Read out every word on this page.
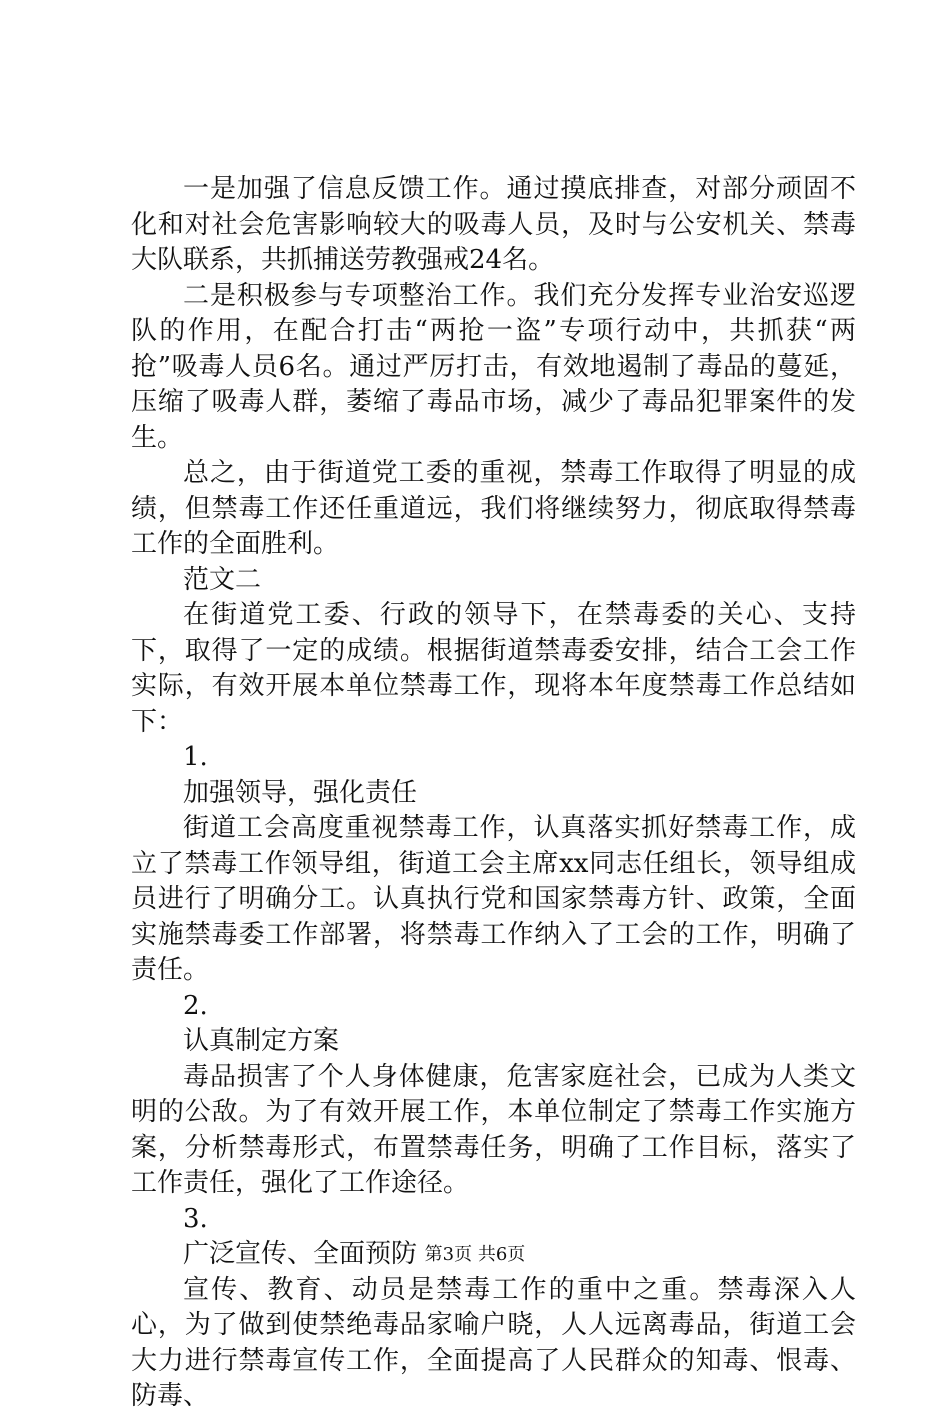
一是加强了信息反馈工作。通过摸底排查，对部分顽固不化和对社会危害影响较大的吸毒人员，及时与公安机关、禁毒大队联系，共抓捕送劳教强戒24名。

二是积极参与专项整治工作。我们充分发挥专业治安巡逻队的作用，在配合打击“两抢一盗”专项行动中，共抓获“两抢”吸毒人员6名。通过严厉打击，有效地遏制了毒品的蔓延，压缩了吸毒人群，萎缩了毒品市场，减少了毒品犯罪案件的发生。

总之，由于街道党工委的重视，禁毒工作取得了明显的成绩，但禁毒工作还任重道远，我们将继续努力，彻底取得禁毒工作的全面胜利。

范文二

在街道党工委、行政的领导下，在禁毒委的关心、支持下，取得了一定的成绩。根据街道禁毒委安排，结合工会工作实际，有效开展本单位禁毒工作，现将本年度禁毒工作总结如下：

1.

加强领导，强化责任

街道工会高度重视禁毒工作，认真落实抓好禁毒工作，成立了禁毒工作领导组，街道工会主席xx同志任组长，领导组成员进行了明确分工。认真执行党和国家禁毒方针、政策，全面实施禁毒委工作部署，将禁毒工作纳入了工会的工作，明确了责任。

2.

认真制定方案

毒品损害了个人身体健康，危害家庭社会，已成为人类文明的公敌。为了有效开展工作，本单位制定了禁毒工作实施方案，分析禁毒形式，布置禁毒任务，明确了工作目标，落实了工作责任，强化了工作途径。

3.

广泛宣传、全面预防

宣传、教育、动员是禁毒工作的重中之重。禁毒深入人心，为了做到使禁绝毒品家喻户晓，人人远离毒品，街道工会大力进行禁毒宣传工作，全面提高了人民群众的知毒、恨毒、防毒、

第3页 共6页
